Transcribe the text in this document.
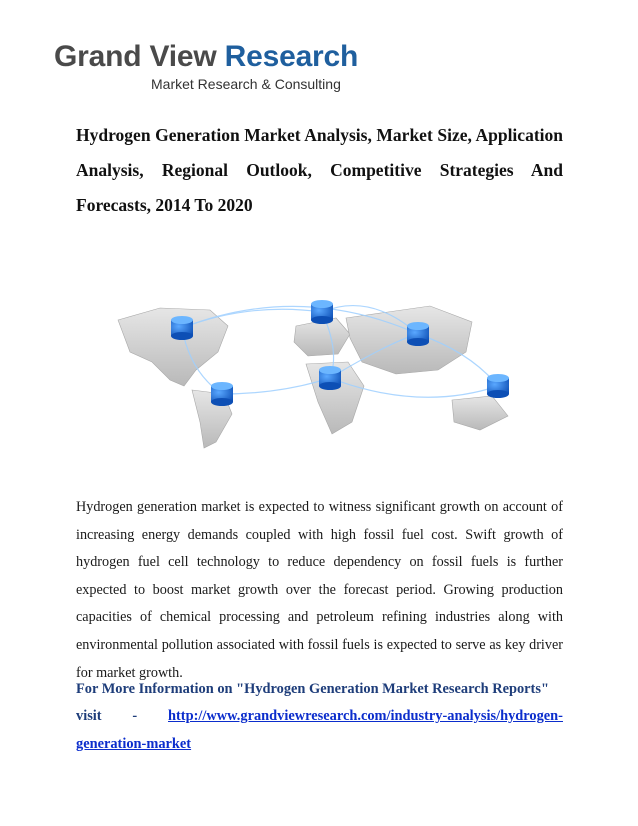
Grand View Research
Market Research & Consulting
Hydrogen Generation Market Analysis, Market Size, Application Analysis, Regional Outlook, Competitive Strategies And Forecasts, 2014 To 2020

Hydrogen generation market is expected to witness significant growth on account of increasing energy demands coupled with high fossil fuel cost. Swift growth of hydrogen fuel cell technology to reduce dependency on fossil fuels is further expected to boost market growth over the forecast period. Growing production capacities of chemical processing and petroleum refining industries along with environmental pollution associated with fossil fuels is expected to serve as key driver for market growth.

For More Information on "Hydrogen Generation Market Research Reports"
visit - http://www.grandviewresearch.com/industry-analysis/hydrogen-
generation-market
